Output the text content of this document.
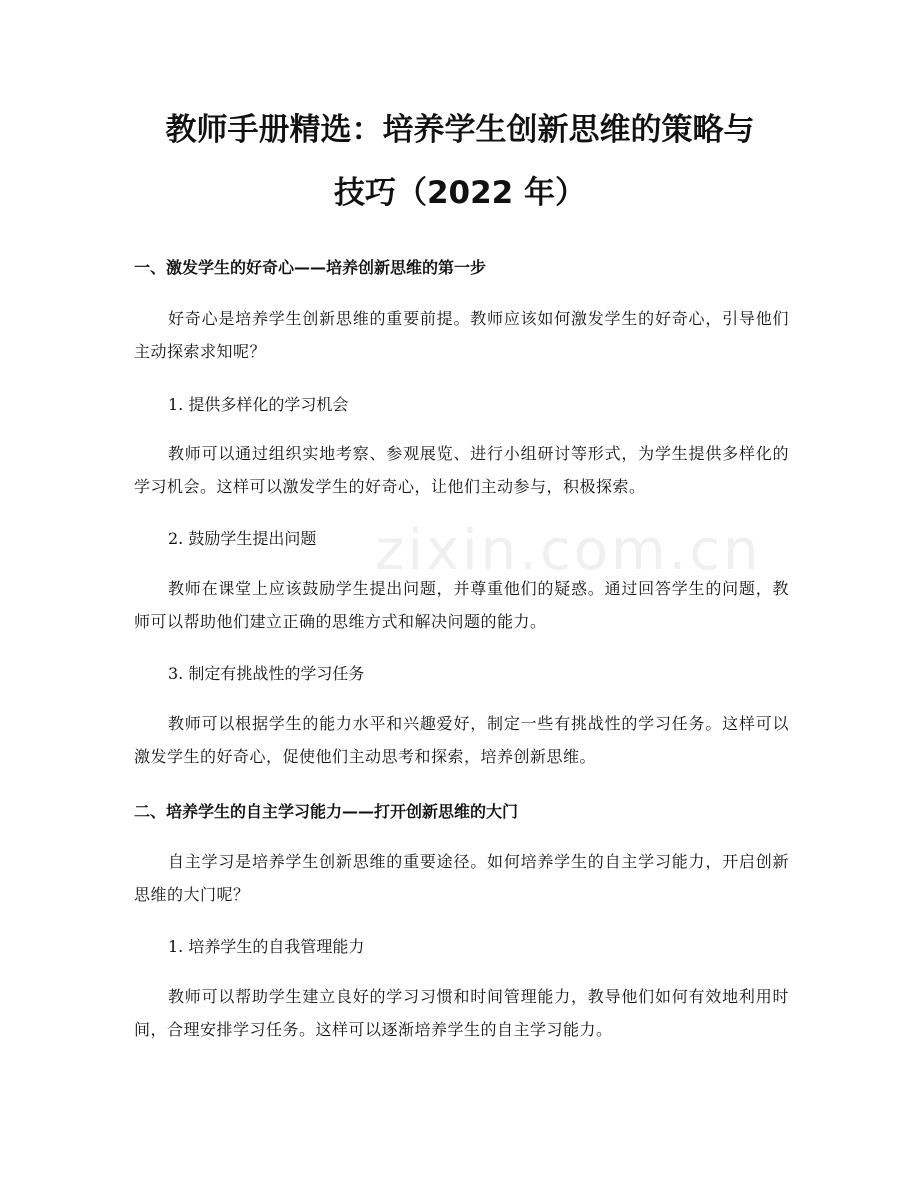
zixin.com.cn
教师手册精选：培养学生创新思维的策略与
技巧（2022 年）
一、激发学生的好奇心——培养创新思维的第一步
好奇心是培养学生创新思维的重要前提。教师应该如何激发学生的好奇心，引导他们主动探索求知呢？
1. 提供多样化的学习机会
教师可以通过组织实地考察、参观展览、进行小组研讨等形式，为学生提供多样化的学习机会。这样可以激发学生的好奇心，让他们主动参与，积极探索。
2. 鼓励学生提出问题
教师在课堂上应该鼓励学生提出问题，并尊重他们的疑惑。通过回答学生的问题，教师可以帮助他们建立正确的思维方式和解决问题的能力。
3. 制定有挑战性的学习任务
教师可以根据学生的能力水平和兴趣爱好，制定一些有挑战性的学习任务。这样可以激发学生的好奇心，促使他们主动思考和探索，培养创新思维。
二、培养学生的自主学习能力——打开创新思维的大门
自主学习是培养学生创新思维的重要途径。如何培养学生的自主学习能力，开启创新思维的大门呢？
1. 培养学生的自我管理能力
教师可以帮助学生建立良好的学习习惯和时间管理能力，教导他们如何有效地利用时间，合理安排学习任务。这样可以逐渐培养学生的自主学习能力。
